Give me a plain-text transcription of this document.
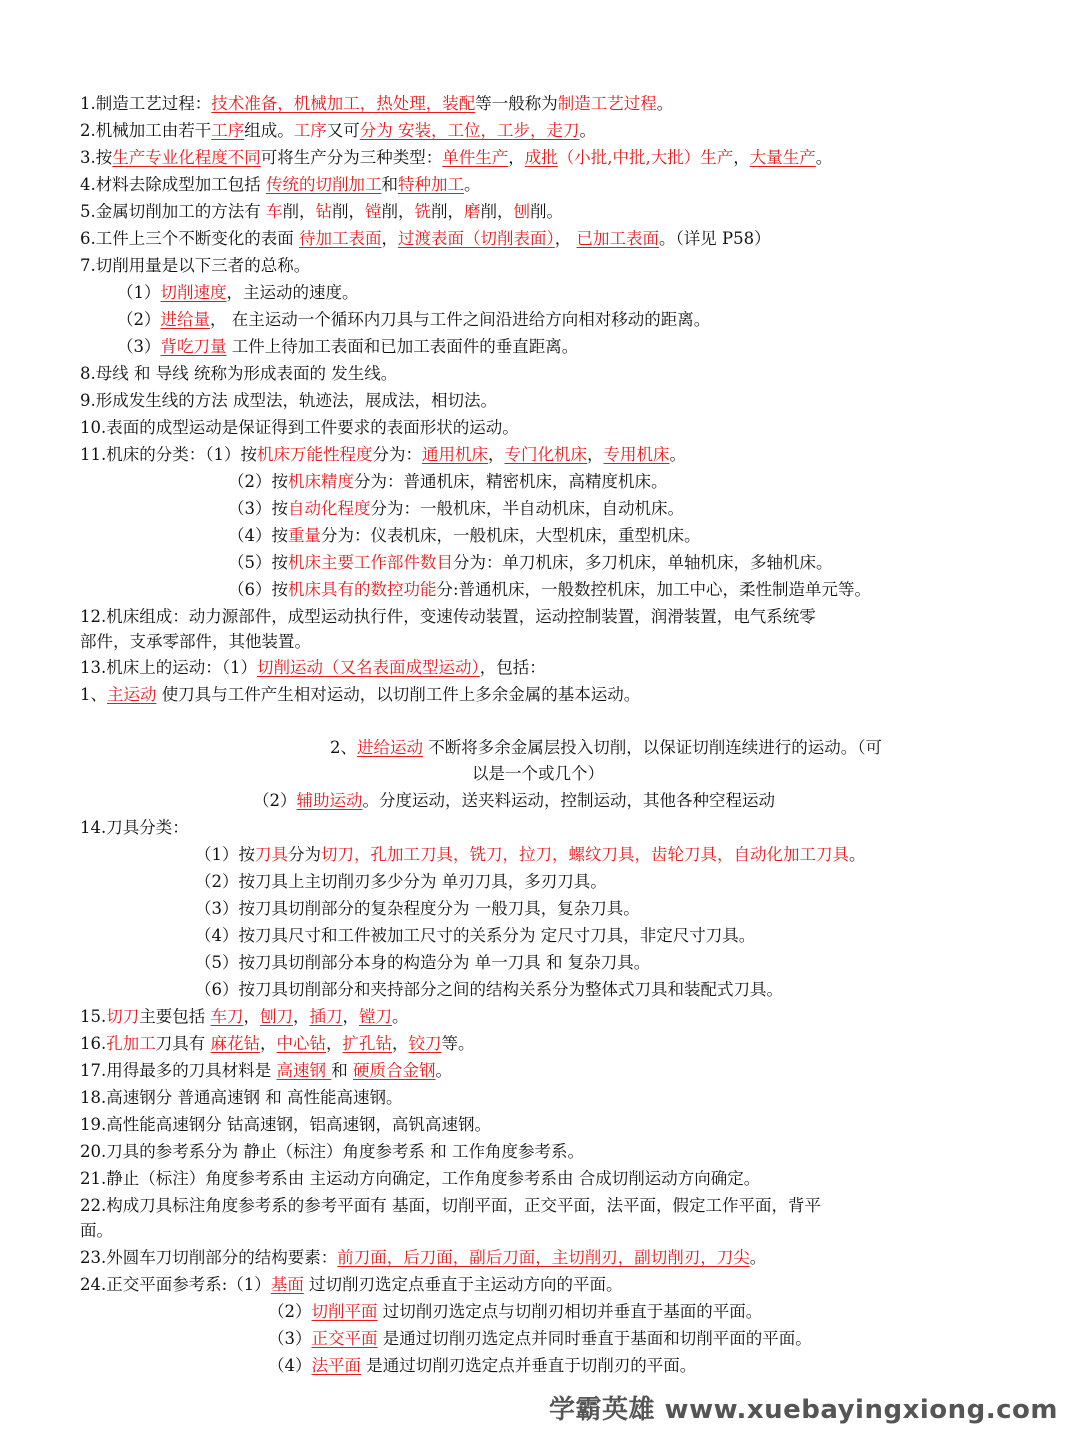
1.制造工艺过程：技术准备，机械加工，热处理，装配等一般称为制造工艺过程。
2.机械加工由若干工序组成。工序又可分为 安装，工位，工步，走刀。
3.按生产专业化程度不同可将生产分为三种类型：单件生产，成批（小批,中批,大批）生产，大量生产。
4.材料去除成型加工包括 传统的切削加工和特种加工。
5.金属切削加工的方法有 车削，钻削，镗削，铣削，磨削，刨削。
6.工件上三个不断变化的表面 待加工表面，过渡表面（切削表面）， 已加工表面。（详见 P58）
7.切削用量是以下三者的总称。
（1）切削速度，主运动的速度。
（2）进给量， 在主运动一个循环内刀具与工件之间沿进给方向相对移动的距离。
（3）背吃刀量 工件上待加工表面和已加工表面件的垂直距离。
8.母线 和 导线 统称为形成表面的 发生线。
9.形成发生线的方法 成型法，轨迹法，展成法，相切法。
10.表面的成型运动是保证得到工件要求的表面形状的运动。
11.机床的分类：（1）按机床万能性程度分为：通用机床，专门化机床，专用机床。
（2）按机床精度分为：普通机床，精密机床，高精度机床。
（3）按自动化程度分为：一般机床，半自动机床，自动机床。
（4）按重量分为：仪表机床，一般机床，大型机床，重型机床。
（5）按机床主要工作部件数目分为：单刀机床，多刀机床，单轴机床，多轴机床。
（6）按机床具有的数控功能分:普通机床，一般数控机床，加工中心，柔性制造单元等。
12.机床组成：动力源部件，成型运动执行件，变速传动装置，运动控制装置，润滑装置，电气系统零
部件，支承零部件，其他装置。
13.机床上的运动：（1）切削运动（又名表面成型运动），包括：
1、主运动 使刀具与工件产生相对运动，以切削工件上多余金属的基本运动。
2、进给运动 不断将多余金属层投入切削，以保证切削连续进行的运动。（可
以是一个或几个）
（2）辅助运动。分度运动，送夹料运动，控制运动，其他各种空程运动
14.刀具分类：
（1）按刀具分为切刀，孔加工刀具，铣刀，拉刀，螺纹刀具，齿轮刀具，自动化加工刀具。
（2）按刀具上主切削刃多少分为 单刃刀具，多刃刀具。
（3）按刀具切削部分的复杂程度分为 一般刀具，复杂刀具。
（4）按刀具尺寸和工件被加工尺寸的关系分为 定尺寸刀具，非定尺寸刀具。
（5）按刀具切削部分本身的构造分为 单一刀具 和 复杂刀具。
（6）按刀具切削部分和夹持部分之间的结构关系分为整体式刀具和装配式刀具。
15.切刀主要包括 车刀，刨刀，插刀，镗刀。
16.孔加工刀具有 麻花钻，中心钻，扩孔钻，铰刀等。
17.用得最多的刀具材料是 高速钢 和 硬质合金钢。
18.高速钢分 普通高速钢 和 高性能高速钢。
19.高性能高速钢分 钴高速钢，铝高速钢，高钒高速钢。
20.刀具的参考系分为 静止（标注）角度参考系 和 工作角度参考系。
21.静止（标注）角度参考系由 主运动方向确定，工作角度参考系由 合成切削运动方向确定。
22.构成刀具标注角度参考系的参考平面有 基面，切削平面，正交平面，法平面，假定工作平面，背平
面。
23.外圆车刀切削部分的结构要素：前刀面，后刀面，副后刀面，主切削刃，副切削刃，刀尖。
24.正交平面参考系:（1）基面 过切削刃选定点垂直于主运动方向的平面。
（2）切削平面 过切削刃选定点与切削刃相切并垂直于基面的平面。
（3）正交平面 是通过切削刃选定点并同时垂直于基面和切削平面的平面。
（4）法平面 是通过切削刃选定点并垂直于切削刃的平面。
学霸英雄 www.xuebayingxiong.com
